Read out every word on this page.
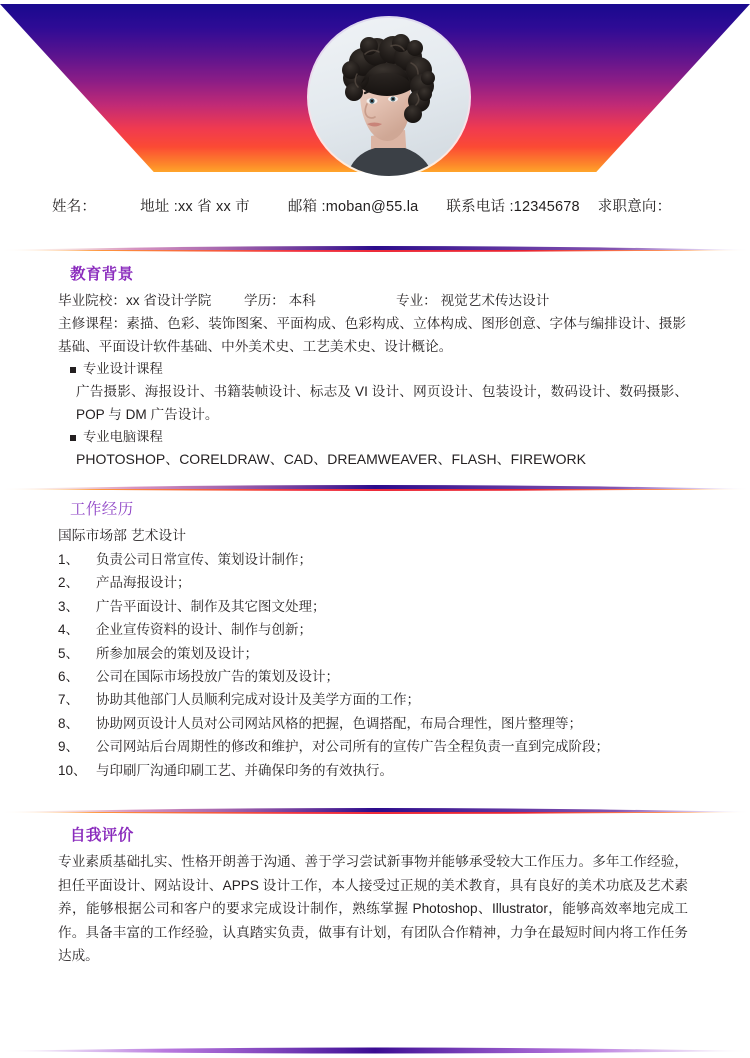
姓名：	地址 :xx 省 xx 市	邮箱 :moban@55.la 联系电话 :12345678 求职意向：
教育背景
毕业院校：xx 省设计学院	学历： 本科	专业： 视觉艺术传达设计
主修课程：素描、色彩、装饰图案、平面构成、色彩构成、立体构成、图形创意、字体与编排设计、摄影基础、平面设计软件基础、中外美术史、工艺美术史、设计概论。
专业设计课程
广告摄影、海报设计、书籍装帧设计、标志及 VI 设计、网页设计、包装设计，数码设计、数码摄影、POP 与 DM 广告设计。
专业电脑课程
PHOTOSHOP、CORELDRAW、CAD、DREAMWEAVER、FLASH、FIREWORK
工作经历
国际市场部 艺术设计
1、	负责公司日常宣传、策划设计制作；
2、	产品海报设计；
3、	广告平面设计、制作及其它图文处理；
4、	企业宣传资料的设计、制作与创新；
5、	所参加展会的策划及设计；
6、	公司在国际市场投放广告的策划及设计；
7、	协助其他部门人员顺利完成对设计及美学方面的工作；
8、	协助网页设计人员对公司网站风格的把握，色调搭配，布局合理性，图片整理等；
9、	公司网站后台周期性的修改和维护，对公司所有的宣传广告全程负责一直到完成阶段；
10、 与印刷厂沟通印刷工艺、并确保印务的有效执行。
自我评价
专业素质基础扎实、性格开朗善于沟通、善于学习尝试新事物并能够承受较大工作压力。多年工作经验，担任平面设计、网站设计、APPS 设计工作，本人接受过正规的美术教育，具有良好的美术功底及艺术素养，能够根据公司和客户的要求完成设计制作，熟练掌握 Photoshop、Illustrator，能够高效率地完成工作。具备丰富的工作经验，认真踏实负责，做事有计划，有团队合作精神，力争在最短时间内将工作任务达成。
